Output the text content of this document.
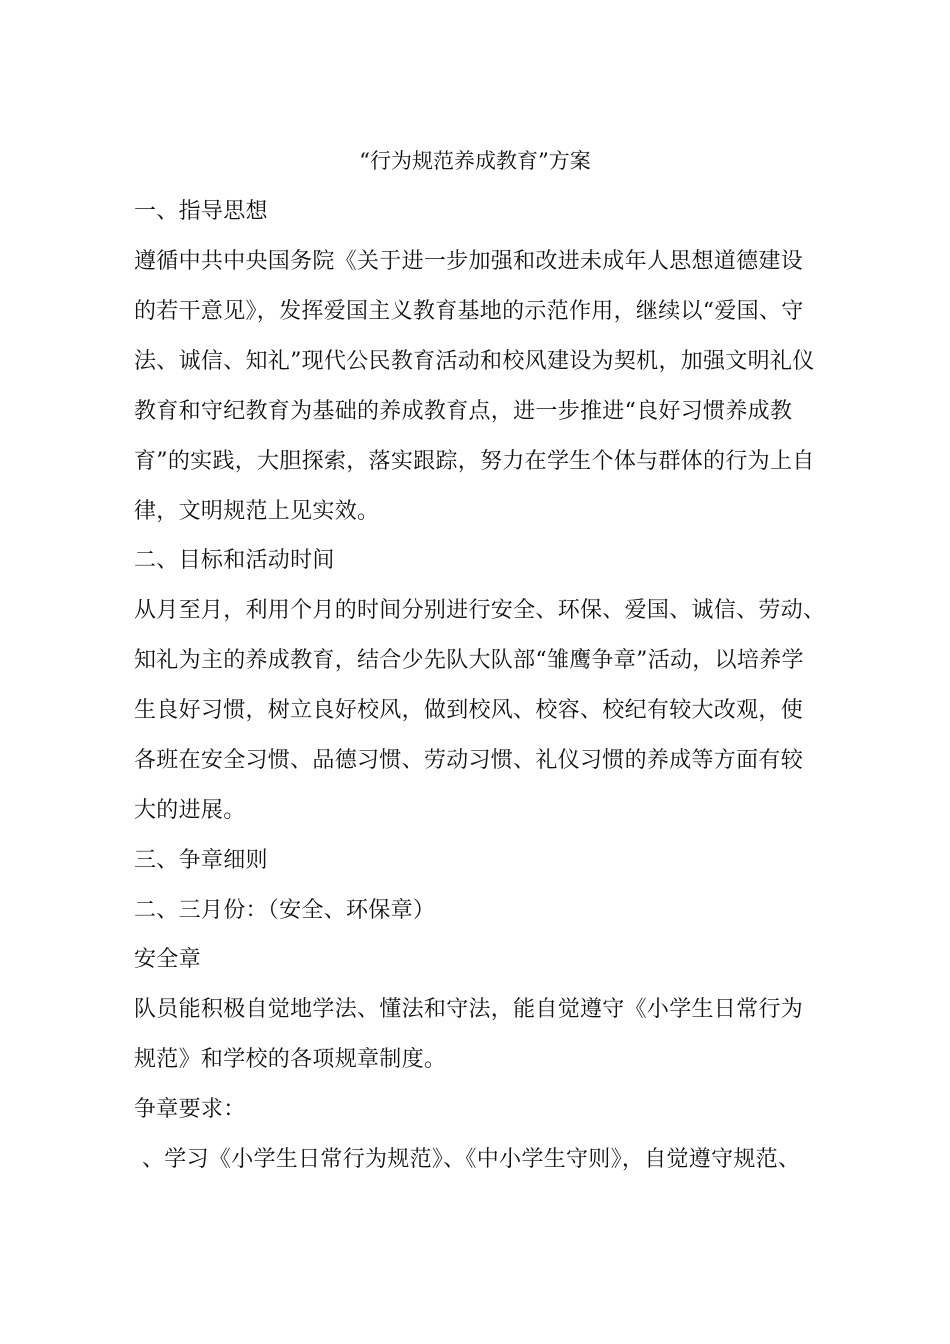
“行为规范养成教育”方案
一、指导思想
遵循中共中央国务院《关于进一步加强和改进未成年人思想道德建设
的若干意见》，发挥爱国主义教育基地的示范作用，继续以“爱国、守
法、诚信、知礼”现代公民教育活动和校风建设为契机，加强文明礼仪
教育和守纪教育为基础的养成教育点，进一步推进“良好习惯养成教
育”的实践，大胆探索，落实跟踪，努力在学生个体与群体的行为上自
律，文明规范上见实效。
二、目标和活动时间
从月至月，利用个月的时间分别进行安全、环保、爱国、诚信、劳动、
知礼为主的养成教育，结合少先队大队部“雏鹰争章”活动，以培养学
生良好习惯，树立良好校风，做到校风、校容、校纪有较大改观，使
各班在安全习惯、品德习惯、劳动习惯、礼仪习惯的养成等方面有较
大的进展。
三、争章细则
二、三月份：（安全、环保章）
安全章
队员能积极自觉地学法、懂法和守法，能自觉遵守《小学生日常行为
规范》和学校的各项规章制度。
争章要求：
、学习《小学生日常行为规范》、《中小学生守则》，自觉遵守规范、
